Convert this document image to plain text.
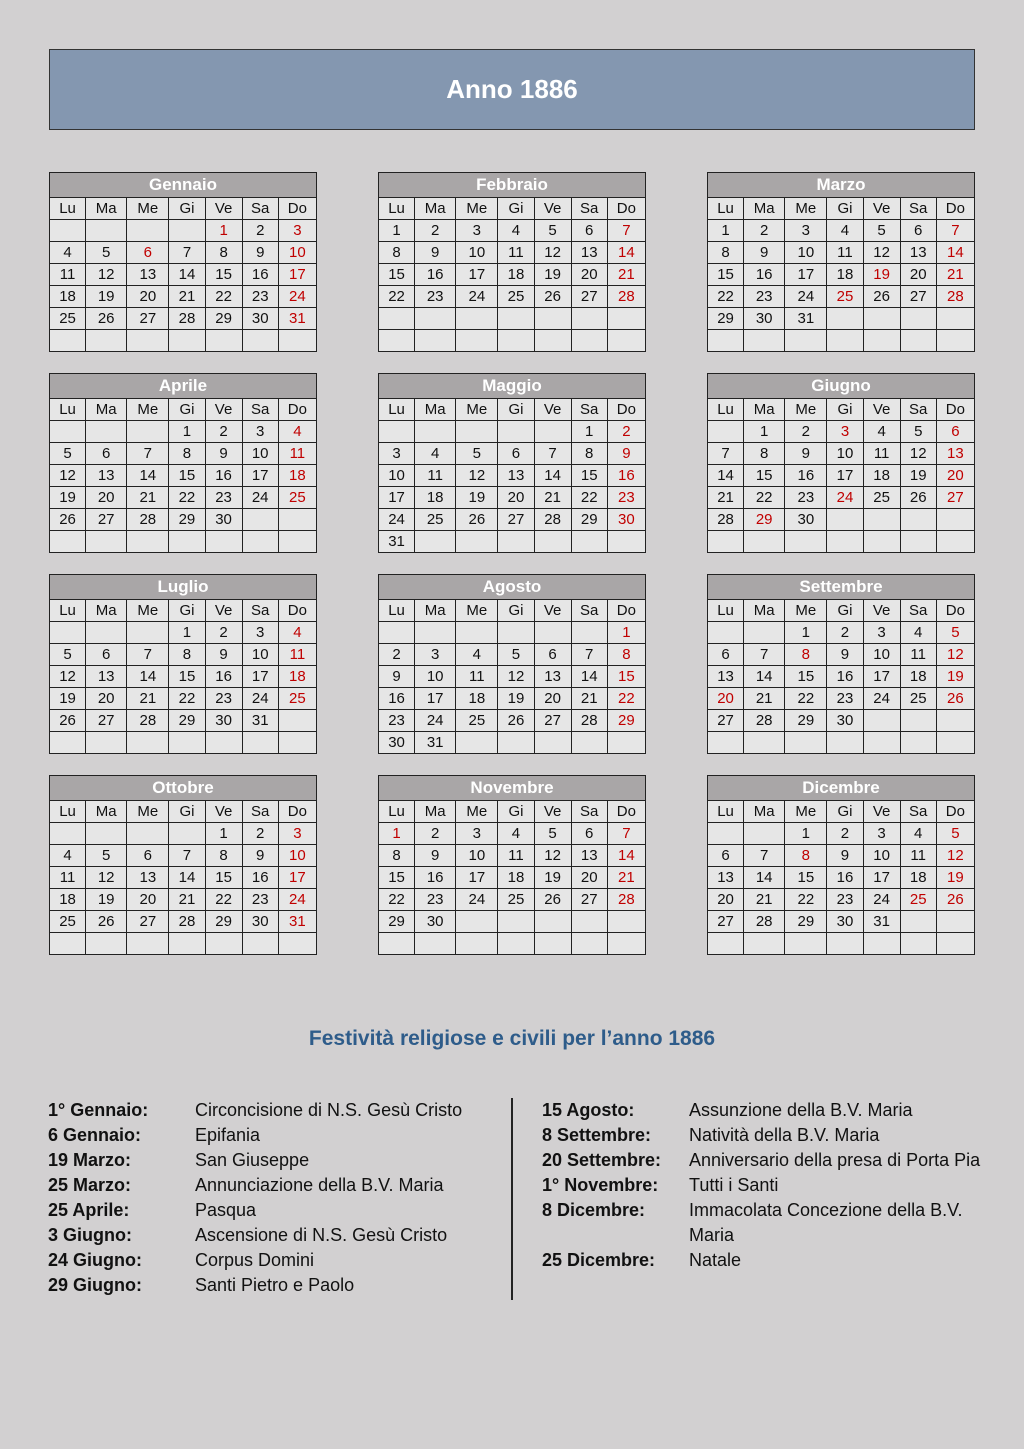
Anno 1886
Gennaio						
Lu	Ma	Me	Gi	Ve	Sa	Do
				1	2	3
4	5	6	7	8	9	10
11	12	13	14	15	16	17
18	19	20	21	22	23	24
25	26	27	28	29	30	31

Febbraio						
Lu	Ma	Me	Gi	Ve	Sa	Do
1	2	3	4	5	6	7
8	9	10	11	12	13	14
15	16	17	18	19	20	21
22	23	24	25	26	27	28

Marzo						
Lu	Ma	Me	Gi	Ve	Sa	Do
1	2	3	4	5	6	7
8	9	10	11	12	13	14
15	16	17	18	19	20	21
22	23	24	25	26	27	28
29	30	31				

Aprile						
Lu	Ma	Me	Gi	Ve	Sa	Do
			1	2	3	4
5	6	7	8	9	10	11
12	13	14	15	16	17	18
19	20	21	22	23	24	25
26	27	28	29	30		

Maggio						
Lu	Ma	Me	Gi	Ve	Sa	Do
					1	2
3	4	5	6	7	8	9
10	11	12	13	14	15	16
17	18	19	20	21	22	23
24	25	26	27	28	29	30
31						
Giugno						
Lu	Ma	Me	Gi	Ve	Sa	Do
	1	2	3	4	5	6
7	8	9	10	11	12	13
14	15	16	17	18	19	20
21	22	23	24	25	26	27
28	29	30				

Luglio						
Lu	Ma	Me	Gi	Ve	Sa	Do
			1	2	3	4
5	6	7	8	9	10	11
12	13	14	15	16	17	18
19	20	21	22	23	24	25
26	27	28	29	30	31	

Agosto						
Lu	Ma	Me	Gi	Ve	Sa	Do
						1
2	3	4	5	6	7	8
9	10	11	12	13	14	15
16	17	18	19	20	21	22
23	24	25	26	27	28	29
30	31					
Settembre						
Lu	Ma	Me	Gi	Ve	Sa	Do
		1	2	3	4	5
6	7	8	9	10	11	12
13	14	15	16	17	18	19
20	21	22	23	24	25	26
27	28	29	30			

Ottobre						
Lu	Ma	Me	Gi	Ve	Sa	Do
				1	2	3
4	5	6	7	8	9	10
11	12	13	14	15	16	17
18	19	20	21	22	23	24
25	26	27	28	29	30	31

Novembre						
Lu	Ma	Me	Gi	Ve	Sa	Do
1	2	3	4	5	6	7
8	9	10	11	12	13	14
15	16	17	18	19	20	21
22	23	24	25	26	27	28
29	30					

Dicembre						
Lu	Ma	Me	Gi	Ve	Sa	Do
		1	2	3	4	5
6	7	8	9	10	11	12
13	14	15	16	17	18	19
20	21	22	23	24	25	26
27	28	29	30	31		

Festività religiose e civili per l’anno 1886
1° Gennaio:	Circoncisione di N.S. Gesù Cristo
6 Gennaio:	Epifania
19 Marzo:	San Giuseppe
25 Marzo:	Annunciazione della B.V. Maria
25 Aprile:	Pasqua
3 Giugno:	Ascensione di N.S. Gesù Cristo
24 Giugno:	Corpus Domini
29 Giugno:	Santi Pietro e Paolo
15 Agosto:	Assunzione della B.V. Maria
8 Settembre:	Natività della B.V. Maria
20 Settembre:	Anniversario della presa di Porta Pia
1° Novembre:	Tutti i Santi
8 Dicembre:	Immacolata Concezione della B.V. Maria
25 Dicembre:	Natale
